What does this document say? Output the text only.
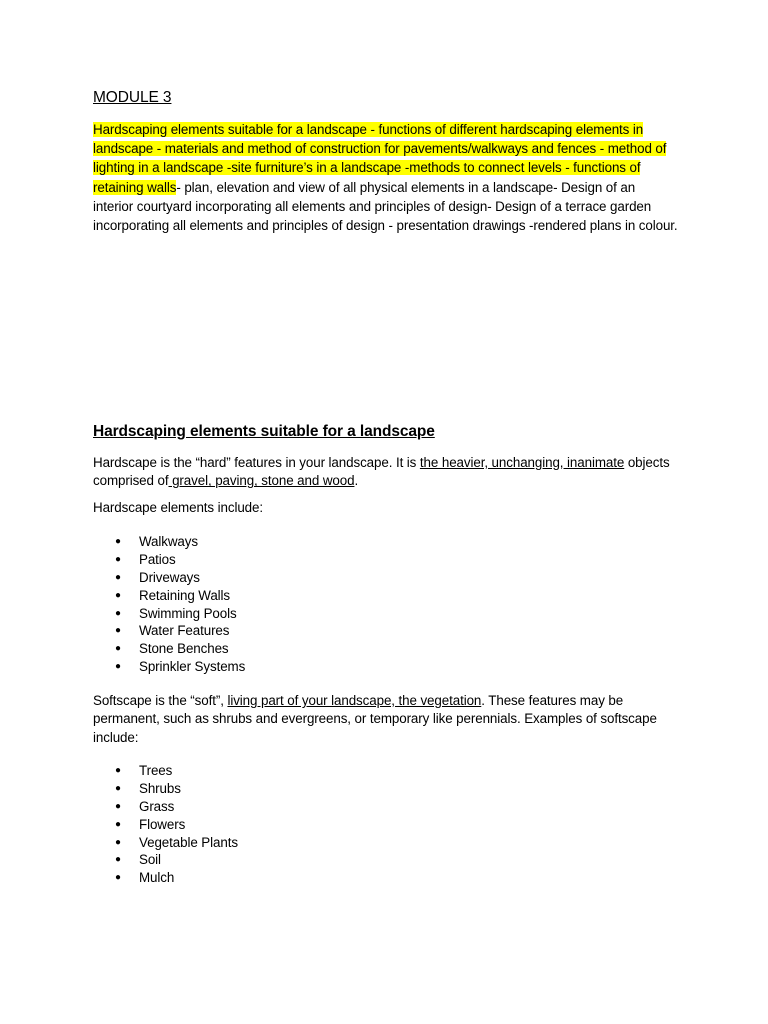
MODULE 3

Hardscaping elements suitable for a landscape - functions of different hardscaping elements in landscape - materials and method of construction for pavements/walkways and fences - method of lighting in a landscape -site furniture’s in a landscape -methods to connect levels - functions of retaining walls- plan, elevation and view of all physical elements in a landscape- Design of an interior courtyard incorporating all elements and principles of design- Design of a terrace garden incorporating all elements and principles of design - presentation drawings -rendered plans in colour.

Hardscaping elements suitable for a landscape

Hardscape is the “hard” features in your landscape. It is the heavier, unchanging, inanimate objects comprised of gravel, paving, stone and wood.

Hardscape elements include:

● Walkways
● Patios
● Driveways
● Retaining Walls
● Swimming Pools
● Water Features
● Stone Benches
● Sprinkler Systems

Softscape is the “soft”, living part of your landscape, the vegetation. These features may be permanent, such as shrubs and evergreens, or temporary like perennials. Examples of softscape include:

● Trees
● Shrubs
● Grass
● Flowers
● Vegetable Plants
● Soil
● Mulch
